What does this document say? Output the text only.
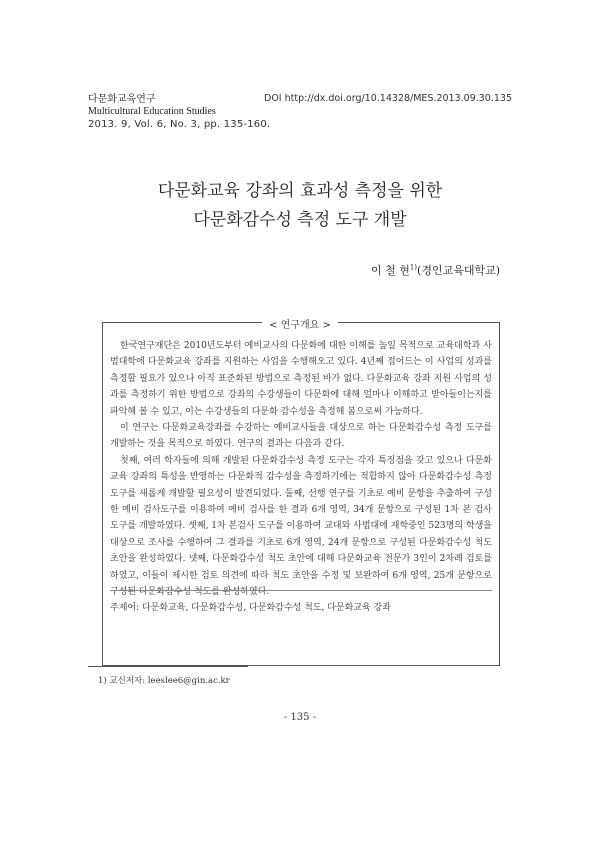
다문화교육연구
Multicultural Education Studies
2013. 9, Vol. 6, No. 3, pp. 135-160.
DOI http://dx.doi.org/10.14328/MES.2013.09.30.135
다문화교육 강좌의 효과성 측정을 위한
다문화감수성 측정 도구 개발
이 철 현$^{1)}$(경인교육대학교)
< 연구개요 >

한국연구재단은 2010년도부터 예비교사의 다문화에 대한 이해를 높일 목적으로 교육대학과 사범대학에 다문화교육 강좌를 지원하는 사업을 수행해오고 있다. 4년째 접어드는 이 사업의 성과를 측정할 필요가 있으나 아직 표준화된 방법으로 측정된 바가 없다. 다문화교육 강좌 지원 사업의 성과를 측정하기 위한 방법으로 강좌의 수강생들이 다문화에 대해 얼마나 이해하고 받아들이는지를 파악해 볼 수 있고, 이는 수강생들의 다문화 감수성을 측정해 봄으로써 가능하다.

이 연구는 다문화교육강좌를 수강하는 예비교사들을 대상으로 하는 다문화감수성 측정 도구를 개발하는 것을 목적으로 하였다. 연구의 결과는 다음과 같다.

첫째, 여러 학자들에 의해 개발된 다문화감수성 측정 도구는 각자 특징점을 갖고 있으나 다문화교육 강좌의 특성을 반영하는 다문화적 감수성을 측정하기에는 적합하지 않아 다문화감수성 측정 도구를 새롭게 개발할 필요성이 발견되었다. 둘째, 선행 연구를 기초로 예비 문항을 추출하여 구성한 예비 검사도구를 이용하여 예비 검사를 한 결과 6개 영역, 34개 문항으로 구성된 1차 본 검사 도구를 개발하였다. 셋째, 1차 본검사 도구를 이용하여 교대와 사범대에 재학중인 523명의 학생을 대상으로 조사를 수행하여 그 결과를 기초로 6개 영역, 24개 문항으로 구성된 다문화감수성 척도 초안을 완성하였다. 넷째, 다문화감수성 척도 초안에 대해 다문화교육 전문가 3인이 2차례 검토를 하였고, 이들이 제시한 검토 의견에 따라 척도 초안을 수정 및 보완하여 6개 영역, 25개 문항으로 구성된 다문화감수성 척도를 완성하였다.

주제어: 다문화교육, 다문화감수성, 다문화감수성 척도, 다문화교육 강좌
1) 교신저자: leeslee6@gin.ac.kr
- 135 -
